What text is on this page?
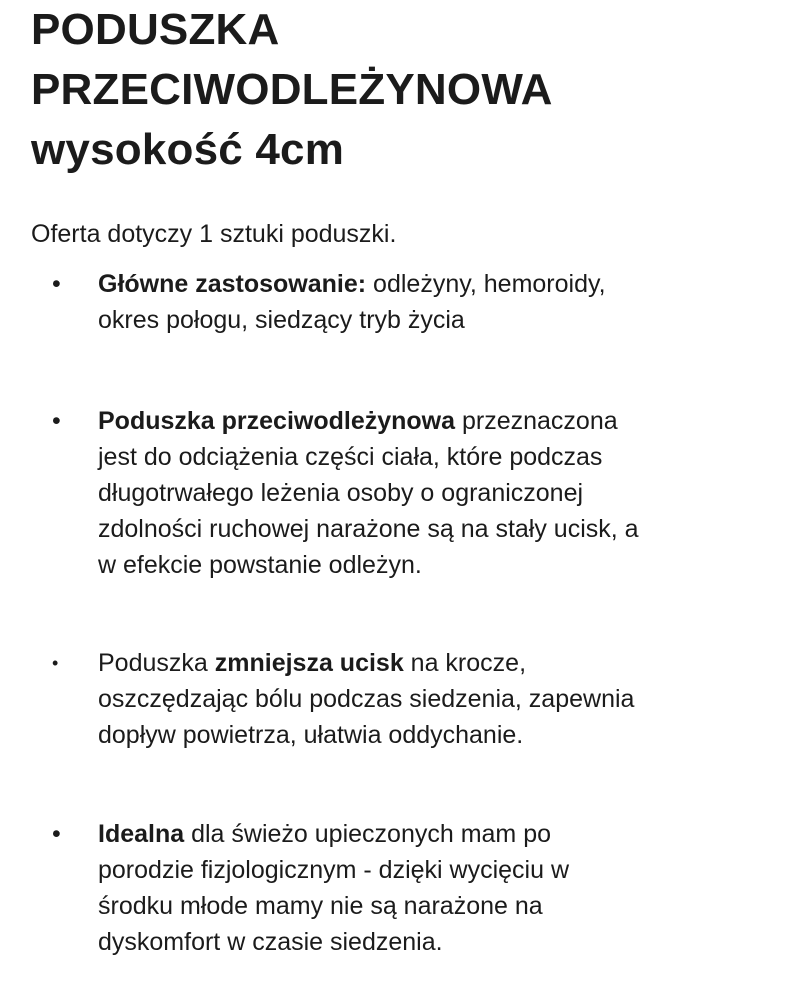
PODUSZKA
PRZECIWODLEŻYNOWA
wysokość 4cm

Oferta dotyczy 1 sztuki poduszki.

• Główne zastosowanie: odleżyny, hemoroidy,
okres połogu, siedzący tryb życia
• Poduszka przeciwodleżynowa przeznaczona
jest do odciążenia części ciała, które podczas
długotrwałego leżenia osoby o ograniczonej
zdolności ruchowej narażone są na stały ucisk, a
w efekcie powstanie odleżyn.
• Poduszka zmniejsza ucisk na krocze,
oszczędzając bólu podczas siedzenia, zapewnia
dopływ powietrza, ułatwia oddychanie.
• Idealna dla świeżo upieczonych mam po
porodzie fizjologicznym - dzięki wycięciu w
środku młode mamy nie są narażone na
dyskomfort w czasie siedzenia.
